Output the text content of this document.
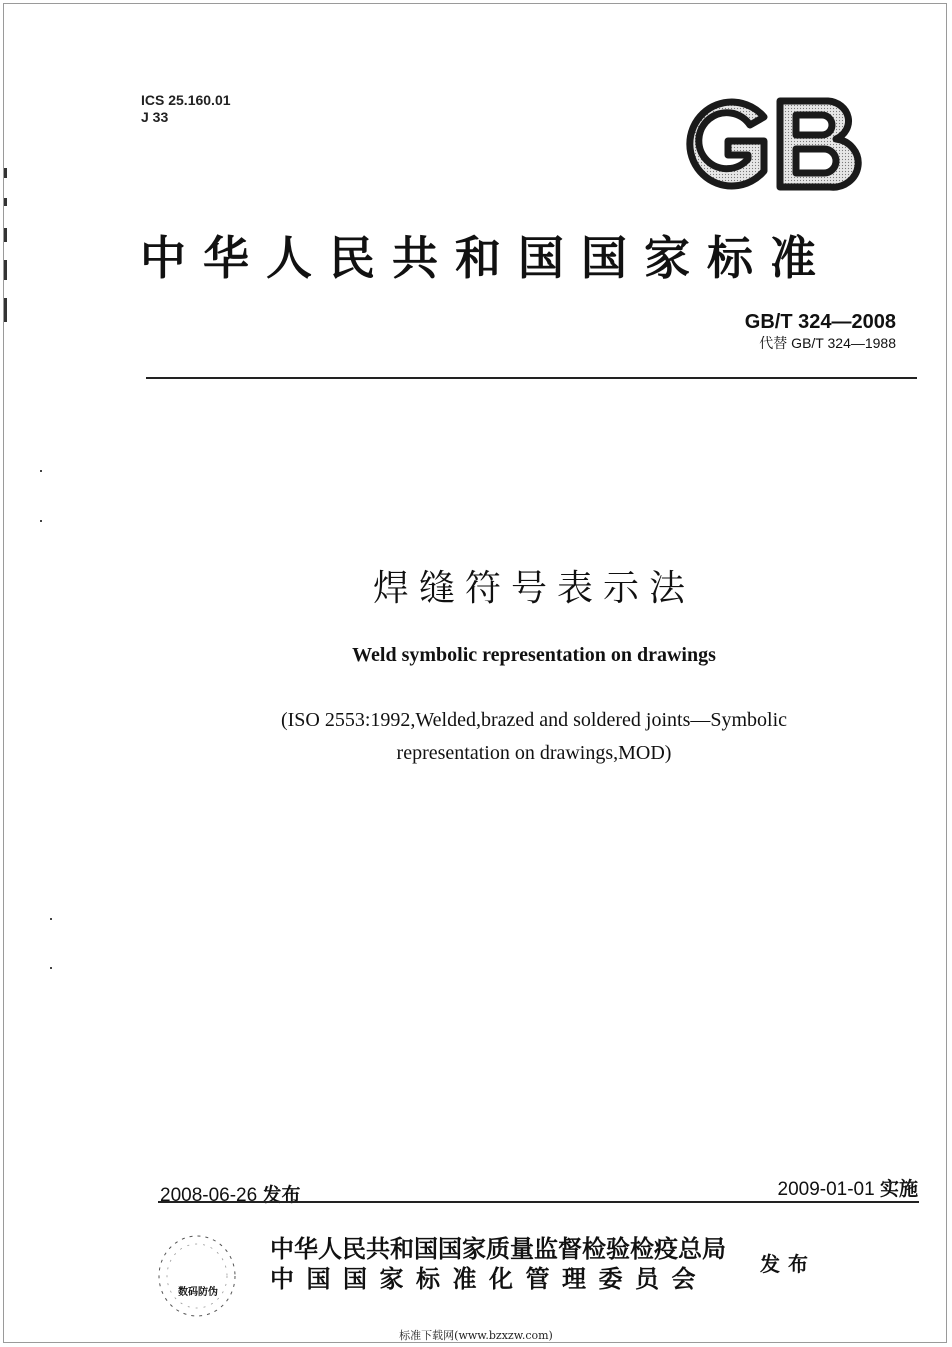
ICS 25.160.01
J 33
中华人民共和国国家标准
GB/T 324—2008
代替 GB/T 324—1988
焊缝符号表示法
Weld symbolic representation on drawings
(ISO 2553:1992,Welded,brazed and soldered joints—Symbolic
representation on drawings,MOD)
2008-06-26 发布	2009-01-01 实施
数码防伪
中华人民共和国国家质量监督检验检疫总局
中国国家标准化管理委员会	发布
标准下载网(www.bzxzw.com)
